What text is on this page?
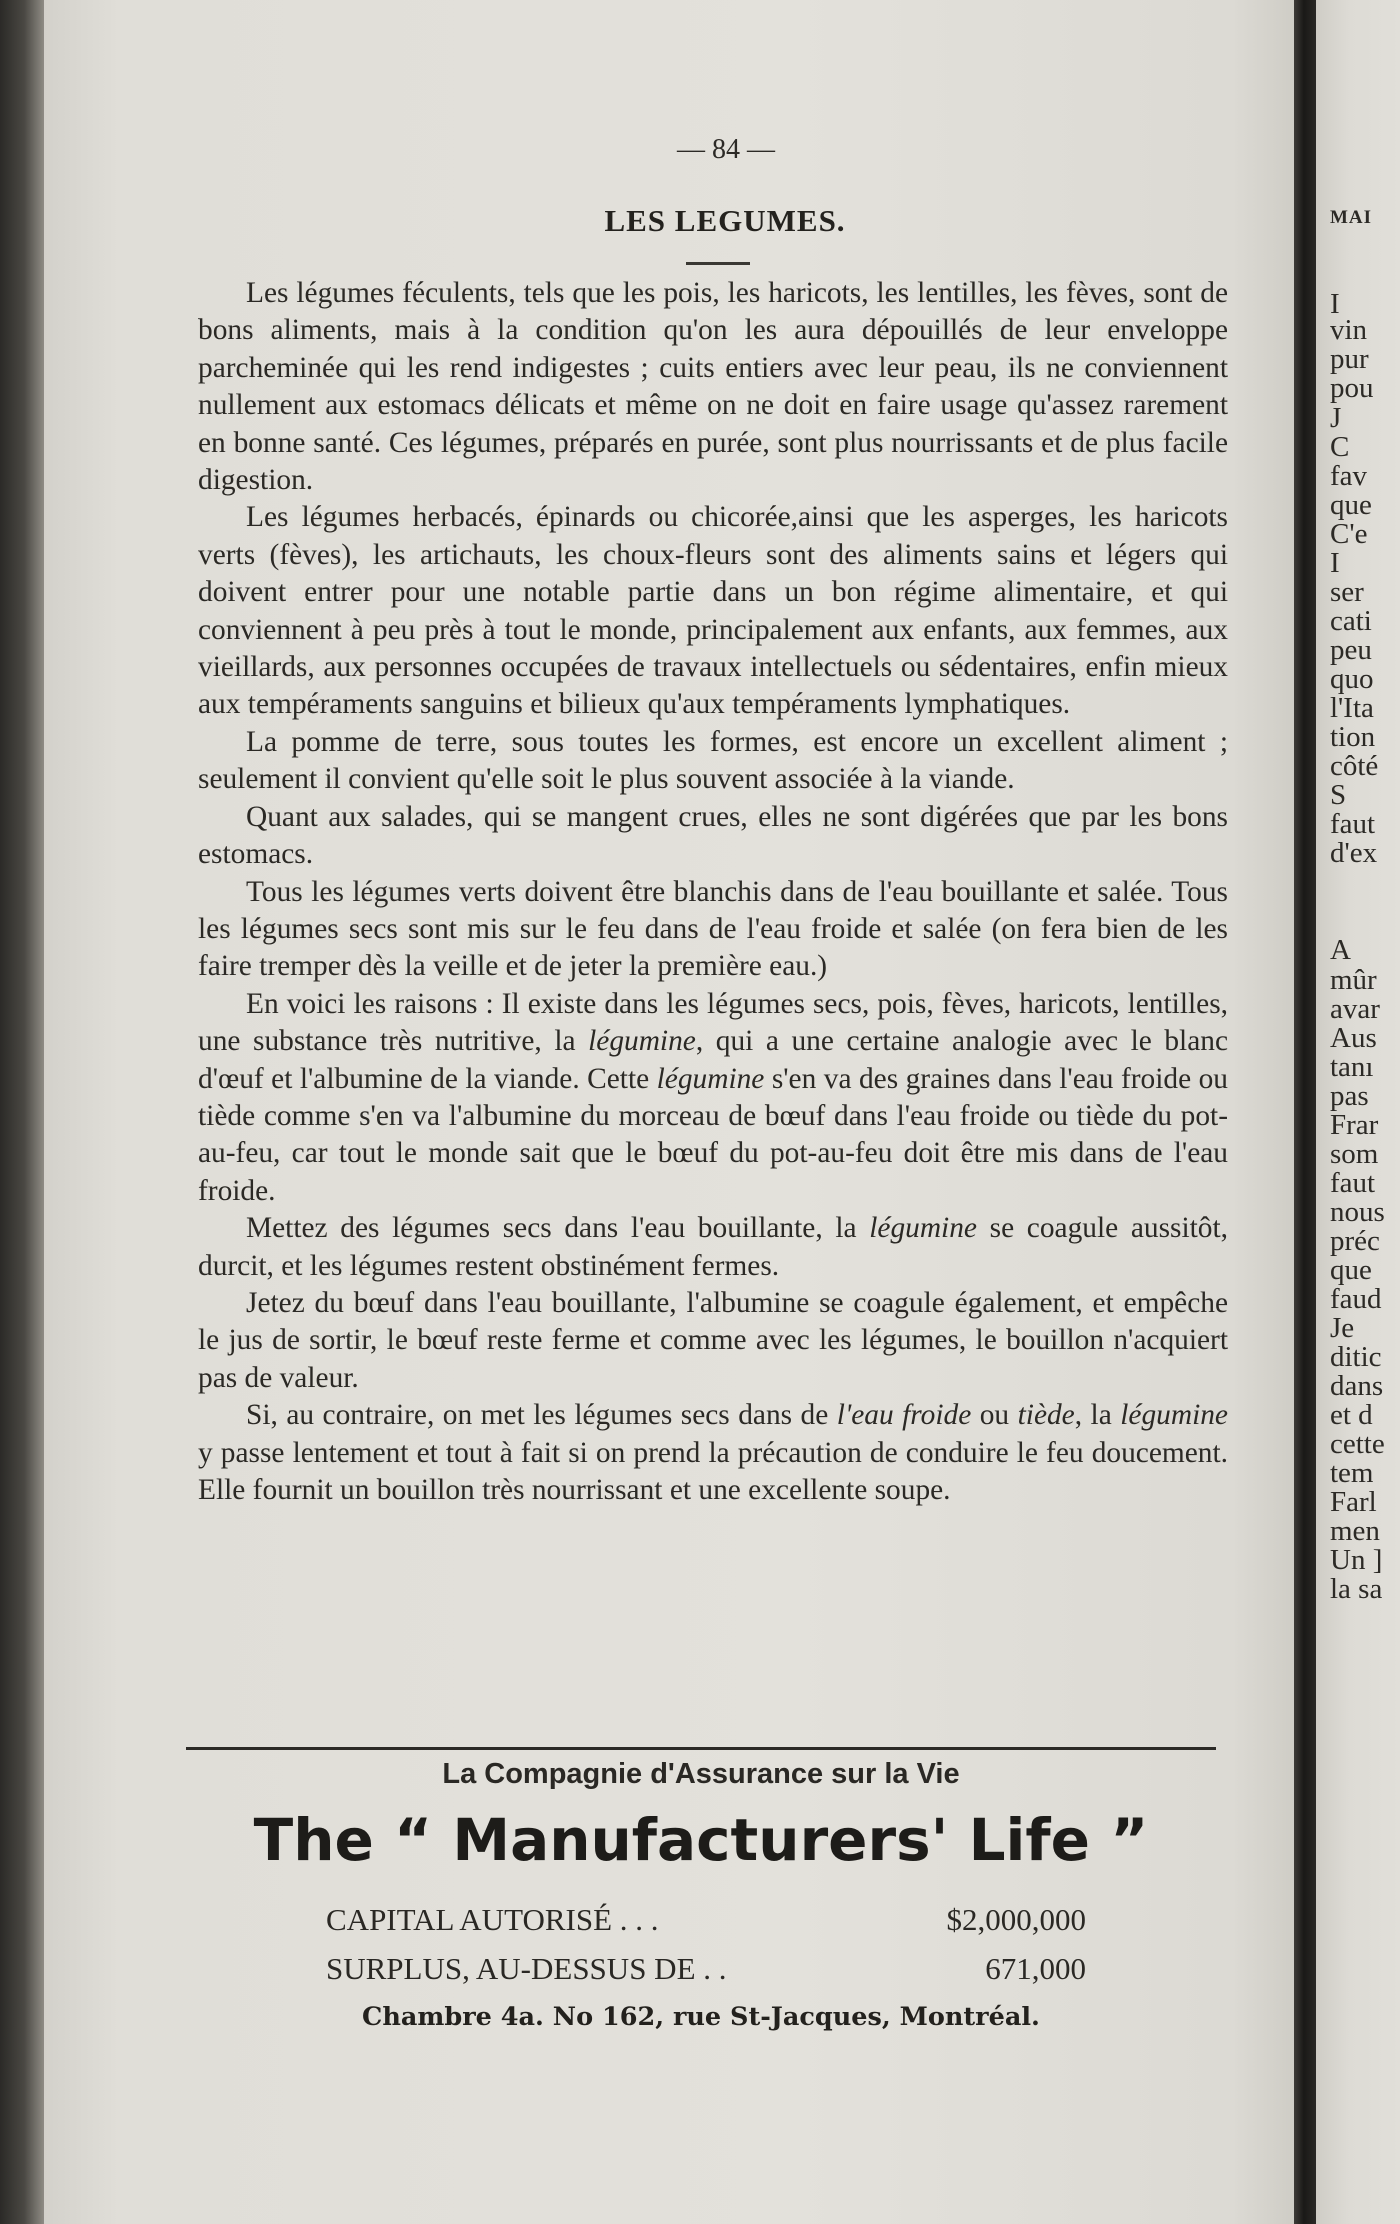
— 84 —
LES LEGUMES.

Les légumes féculents, tels que les pois, les haricots, les lentilles, les fèves, sont de bons aliments, mais à la condition qu'on les aura dépouillés de leur enveloppe parcheminée qui les rend indigestes ; cuits entiers avec leur peau, ils ne conviennent nullement aux estomacs délicats et même on ne doit en faire usage qu'assez rarement en bonne santé. Ces légumes, préparés en purée, sont plus nourrissants et de plus facile digestion.

Les légumes herbacés, épinards ou chicorée,ainsi que les asperges, les haricots verts (fèves), les artichauts, les choux-fleurs sont des aliments sains et légers qui doivent entrer pour une notable partie dans un bon régime alimentaire, et qui conviennent à peu près à tout le monde, principalement aux enfants, aux femmes, aux vieillards, aux personnes occupées de travaux intellectuels ou sédentaires, enfin mieux aux tempéraments sanguins et bilieux qu'aux tempéraments lymphatiques.

La pomme de terre, sous toutes les formes, est encore un excellent aliment ; seulement il convient qu'elle soit le plus souvent associée à la viande.

Quant aux salades, qui se mangent crues, elles ne sont digérées que par les bons estomacs.

Tous les légumes verts doivent être blanchis dans de l'eau bouillante et salée. Tous les légumes secs sont mis sur le feu dans de l'eau froide et salée (on fera bien de les faire tremper dès la veille et de jeter la première eau.)

En voici les raisons : Il existe dans les légumes secs, pois, fèves, haricots, lentilles, une substance très nutritive, la légumine, qui a une certaine analogie avec le blanc d'œuf et l'albumine de la viande. Cette légumine s'en va des graines dans l'eau froide ou tiède comme s'en va l'albumine du morceau de bœuf dans l'eau froide ou tiède du pot-au-feu, car tout le monde sait que le bœuf du pot-au-feu doit être mis dans de l'eau froide.

Mettez des légumes secs dans l'eau bouillante, la légumine se coagule aussitôt, durcit, et les légumes restent obstinément fermes.

Jetez du bœuf dans l'eau bouillante, l'albumine se coagule également, et empêche le jus de sortir, le bœuf reste ferme et comme avec les légumes, le bouillon n'acquiert pas de valeur.

Si, au contraire, on met les légumes secs dans de l'eau froide ou tiède, la légumine y passe lentement et tout à fait si on prend la précaution de conduire le feu doucement. Elle fournit un bouillon très nourrissant et une excellente soupe.

La Compagnie d'Assurance sur la Vie
The “ Manufacturers' Life ”
CAPITAL AUTORISÉ . . .	$2,000,000
SURPLUS, AU-DESSUS DE . .	671,000
Chambre 4a. No 162, rue St-Jacques, Montréal.
MAI
I
vin
pur
pou
J
C
fav
que
C'e
I
ser
cati
peu
quo
l'Ita
tion
côté
S
faut
d'ex
A
mûr
avar
Aus
tanı
pas
Frar
som
faut
nous
préc
que
faud
Je
ditic
dans
et d
cette
tem
Farl
men
Un ]
la sa
